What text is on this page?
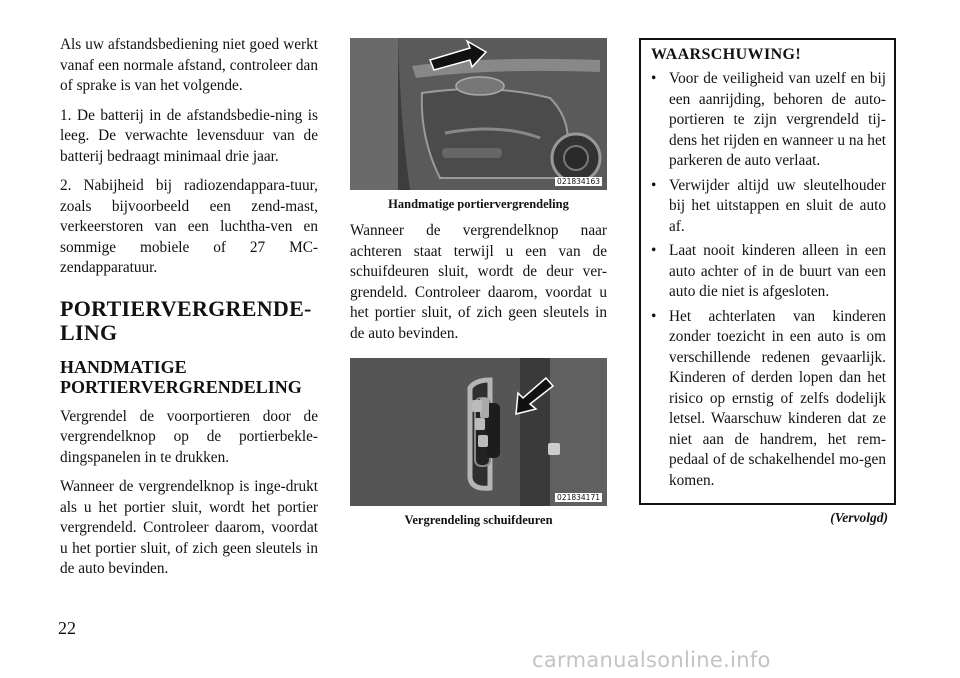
Als uw afstandsbediening niet goed werkt vanaf een normale afstand, controleer dan of sprake is van het volgende.

1. De batterij in de afstandsbedie-ning is leeg. De verwachte levensduur van de batterij bedraagt minimaal drie jaar.

2. Nabijheid bij radiozendappara-tuur, zoals bijvoorbeeld een zend-mast, verkeerstoren van een luchtha-ven en sommige mobiele of 27 MC-zendapparatuur.

PORTIERVERGRENDE-LING
HANDMATIGE PORTIERVERGRENDELING

Vergrendel de voorportieren door de vergrendelknop op de portierbekle-dingspanelen in te drukken.

Wanneer de vergrendelknop is inge-drukt als u het portier sluit, wordt het portier vergrendeld. Controleer daarom, voordat u het portier sluit, of zich geen sleutels in de auto bevinden.

021834163
Handmatige portiervergrendeling

Wanneer de vergrendelknop naar achteren staat terwijl u een van de schuifdeuren sluit, wordt de deur ver-grendeld. Controleer daarom, voordat u het portier sluit, of zich geen sleutels in de auto bevinden.

021834171
Vergrendeling schuifdeuren
WAARSCHUWING!
• Voor de veiligheid van uzelf en bij een aanrijding, behoren de auto-portieren te zijn vergrendeld tij-dens het rijden en wanneer u na het parkeren de auto verlaat.
• Verwijder altijd uw sleutelhouder bij het uitstappen en sluit de auto af.
• Laat nooit kinderen alleen in een auto achter of in de buurt van een auto die niet is afgesloten.
• Het achterlaten van kinderen zonder toezicht in een auto is om verschillende redenen gevaarlijk. Kinderen of derden lopen dan het risico op ernstig of zelfs dodelijk letsel. Waarschuw kinderen dat ze niet aan de handrem, het rem-pedaal of de schakelhendel mo-gen komen.
(Vervolgd)
22
carmanualsonline.info
